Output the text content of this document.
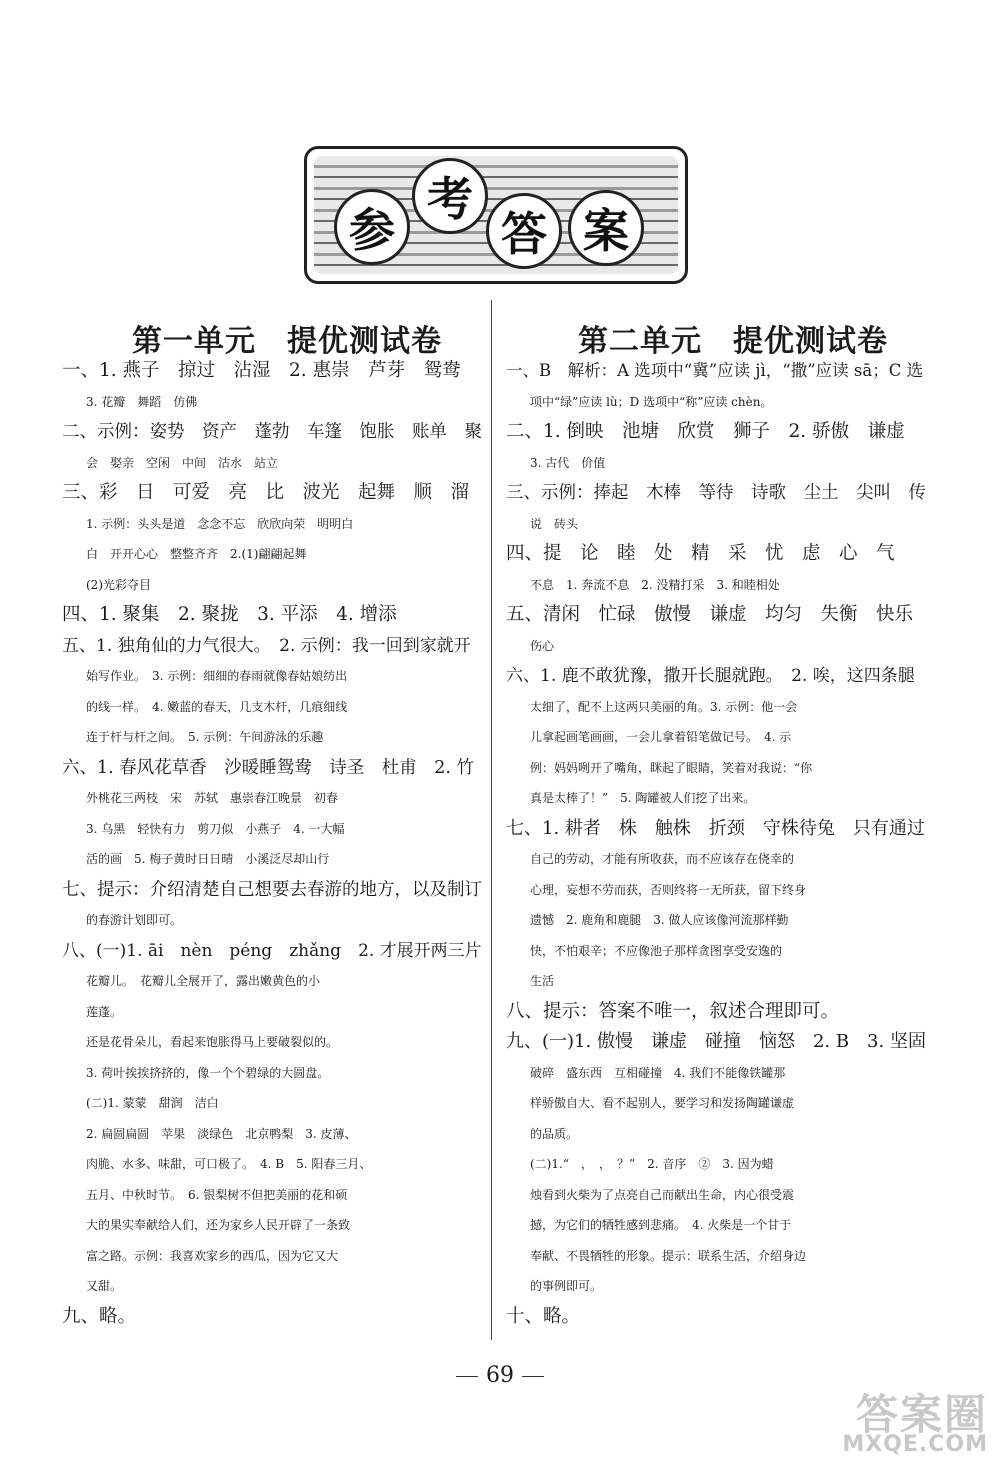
参
考
答 案
第一单元　提优测试卷	第二单元　提优测试卷

一、1. 燕子　掠过　沾湿　2. 惠崇　芦芽　鸳鸯

3. 花瓣　舞蹈　仿佛

二、示例：姿势　资产　蓬勃　车篷　饱胀　账单　聚

会　娶亲　空闲　中间　沽水　站立

三、彩　日　可爱　亮　比　波光　起舞　顺　溜

1. 示例：头头是道　念念不忘　欣欣向荣　明明白

白　开开心心　整整齐齐　2.(1)翩翩起舞

(2)光彩夺目

四、1. 聚集　2. 聚拢　3. 平添　4. 增添

五、1. 独角仙的力气很大。　2. 示例：我一回到家就开

始写作业。　3. 示例：细细的春雨就像春姑娘纺出

的线一样。　4. 嫩蓝的春天，几支木杆，几痕细线

连于杆与杆之间。　5. 示例：午间游泳的乐趣

六、1. 春风花草香　沙暖睡鸳鸯　诗圣　杜甫　2. 竹

外桃花三两枝　宋　苏轼　惠崇春江晚景　初春

3. 乌黑　轻快有力　剪刀似　小燕子　4. 一大幅

活的画　5. 梅子黄时日日晴　小溪泛尽却山行

七、提示：介绍清楚自己想要去春游的地方，以及制订

的春游计划即可。

八、(一)1. āi　nèn　péng　zhǎng　2. 才展开两三片

花瓣儿。　花瓣儿全展开了，露出嫩黄色的小

莲蓬。

还是花骨朵儿，看起来饱胀得马上要破裂似的。

3. 荷叶挨挨挤挤的，像一个个碧绿的大圆盘。

(二)1. 蒙蒙　甜润　洁白

2. 扁圆扁圆　苹果　淡绿色　北京鸭梨　3. 皮薄、

肉脆、水多、味甜，可口极了。　4. B　5. 阳春三月、

五月、中秋时节。　6. 银梨树不但把美丽的花和硕

大的果实奉献给人们，还为家乡人民开辟了一条致

富之路。示例：我喜欢家乡的西瓜，因为它又大

又甜。

九、略。

一、B　解析：A 选项中“冀”应读 jì，“撒”应读 sā；C 选

项中“绿”应读 lù；D 选项中“称”应读 chèn。

二、1. 倒映　池塘　欣赏　狮子　2. 骄傲　谦虚

3. 古代　价值

三、示例：捧起　木棒　等待　诗歌　尘土　尖叫　传

说　砖头

四、提　论　睦　处　精　采　忧　虑　心　气

不息　1. 奔流不息　2. 没精打采　3. 和睦相处

五、清闲　忙碌　傲慢　谦虚　均匀　失衡　快乐

伤心

六、1. 鹿不敢犹豫，撒开长腿就跑。　2. 唉，这四条腿

太细了，配不上这两只美丽的角。3. 示例：他一会

儿拿起画笔画画，一会儿拿着铅笔做记号。　4. 示

例：妈妈咧开了嘴角，眯起了眼睛，笑着对我说：“你

真是太棒了！”　5. 陶罐被人们挖了出来。

七、1. 耕者　株　触株　折颈　守株待兔　只有通过

自己的劳动，才能有所收获，而不应该存在侥幸的

心理，妄想不劳而获，否则终将一无所获，留下终身

遗憾　2. 鹿角和鹿腿　3. 做人应该像河流那样勤

快，不怕艰辛；不应像池子那样贪图享受安逸的

生活

八、提示：答案不唯一，叙述合理即可。

九、(一)1. 傲慢　谦虚　碰撞　恼怒　2. B　3. 坚固

破碎　盛东西　互相碰撞　4. 我们不能像铁罐那

样骄傲自大、看不起别人，要学习和发扬陶罐谦虚

的品质。

(二)1.“　，　，　？”　2. 音序　②　3. 因为蜡

烛看到火柴为了点亮自己而献出生命，内心很受震

撼，为它们的牺牲感到悲痛。　4. 火柴是一个甘于

奉献、不畏牺牲的形象。提示：联系生活，介绍身边

的事例即可。

十、略。

69
答案圈
MXQE.COM
